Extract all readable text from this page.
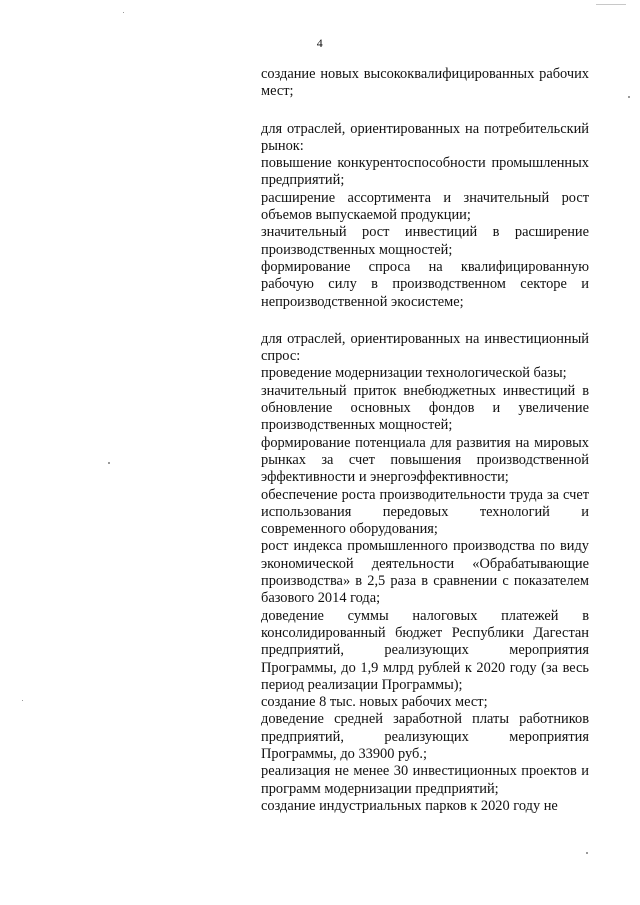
4

создание новых высококвалифицированных рабочих мест;

для отраслей, ориентированных на потребительский рынок:

повышение конкурентоспособности промышленных предприятий;

расширение ассортимента и значительный рост объемов выпускаемой продукции;

значительный рост инвестиций в расширение производственных мощностей;

формирование спроса на квалифицированную рабочую силу в производственном секторе и непроизводственной экосистеме;

для отраслей, ориентированных на инвестиционный спрос:

проведение модернизации технологической базы;

значительный приток внебюджетных инвестиций в обновление основных фондов и увеличение производственных мощностей;

формирование потенциала для развития на мировых рынках за счет повышения производственной эффективности и энергоэффективности;

обеспечение роста производительности труда за счет использования передовых технологий и современного оборудования;

рост индекса промышленного производства по виду экономической деятельности «Обрабатывающие производства» в 2,5 раза в сравнении с показателем базового 2014 года;

доведение суммы налоговых платежей в консолидированный бюджет Республики Дагестан предприятий, реализующих мероприятия Программы, до 1,9 млрд рублей к 2020 году (за весь период реализации Программы);

создание 8 тыс. новых рабочих мест;

доведение средней заработной платы работников предприятий, реализующих мероприятия Программы, до 33900 руб.;

реализация не менее 30 инвестиционных проектов и программ модернизации предприятий;

создание индустриальных парков к 2020 году не
